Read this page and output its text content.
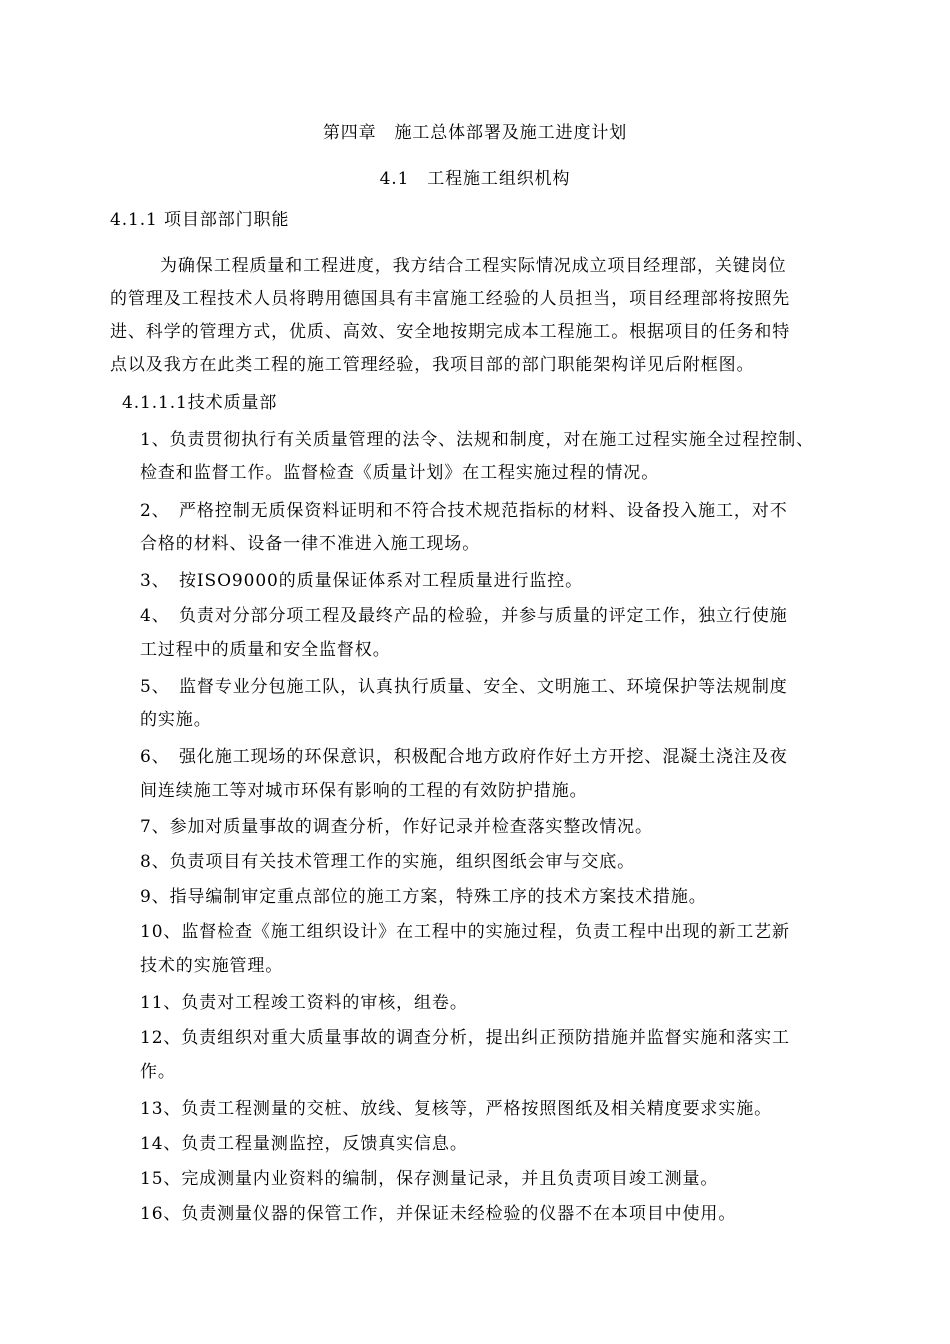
第四章　施工总体部署及施工进度计划
4.1　工程施工组织机构
4.1.1 项目部部门职能
为确保工程质量和工程进度，我方结合工程实际情况成立项目经理部，关键岗位
的管理及工程技术人员将聘用德国具有丰富施工经验的人员担当，项目经理部将按照先
进、科学的管理方式，优质、高效、安全地按期完成本工程施工。根据项目的任务和特
点以及我方在此类工程的施工管理经验，我项目部的部门职能架构详见后附框图。
4.1.1.1技术质量部
1、负责贯彻执行有关质量管理的法令、法规和制度，对在施工过程实施全过程控制、
检查和监督工作。监督检查《质量计划》在工程实施过程的情况。
2、　严格控制无质保资料证明和不符合技术规范指标的材料、设备投入施工，对不
合格的材料、设备一律不准进入施工现场。
3、　按ISO9000的质量保证体系对工程质量进行监控。
4、　负责对分部分项工程及最终产品的检验，并参与质量的评定工作，独立行使施
工过程中的质量和安全监督权。
5、　监督专业分包施工队，认真执行质量、安全、文明施工、环境保护等法规制度
的实施。
6、　强化施工现场的环保意识，积极配合地方政府作好土方开挖、混凝土浇注及夜
间连续施工等对城市环保有影响的工程的有效防护措施。
7、参加对质量事故的调查分析，作好记录并检查落实整改情况。
8、负责项目有关技术管理工作的实施，组织图纸会审与交底。
9、指导编制审定重点部位的施工方案，特殊工序的技术方案技术措施。
10、监督检查《施工组织设计》在工程中的实施过程，负责工程中出现的新工艺新
技术的实施管理。
11、负责对工程竣工资料的审核，组卷。
12、负责组织对重大质量事故的调查分析，提出纠正预防措施并监督实施和落实工
作。
13、负责工程测量的交桩、放线、复核等，严格按照图纸及相关精度要求实施。
14、负责工程量测监控，反馈真实信息。
15、完成测量内业资料的编制，保存测量记录，并且负责项目竣工测量。
16、负责测量仪器的保管工作，并保证未经检验的仪器不在本项目中使用。
